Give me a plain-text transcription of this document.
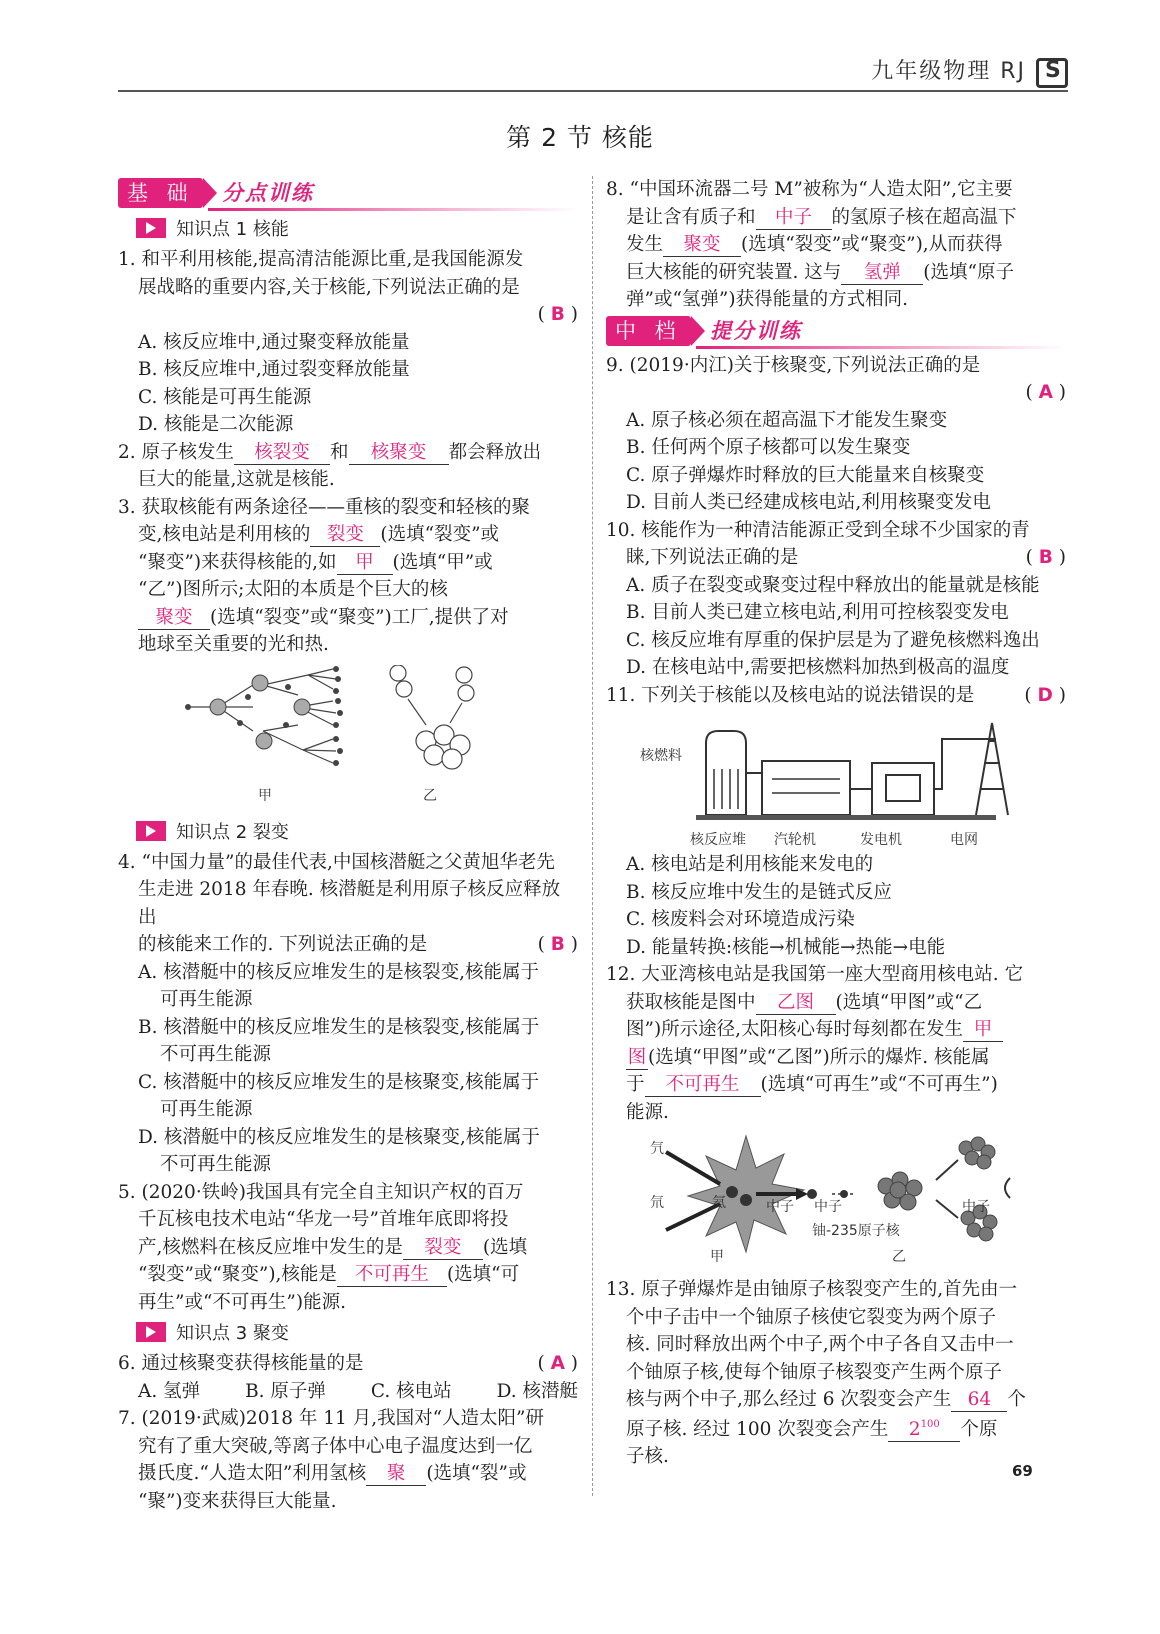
九年级物理 RJ
S
第 2 节 核能
基 础	分点训练
知识点 1 核能

1. 和平利用核能,提高清洁能源比重,是我国能源发

展战略的重要内容,关于核能,下列说法正确的是

( B )

A. 核反应堆中,通过聚变释放能量

B. 核反应堆中,通过裂变释放能量

C. 核能是可再生能源

D. 核能是二次能源

2. 原子核发生 核裂变 和 核聚变 都会释放出

巨大的能量,这就是核能.

3. 获取核能有两条途径——重核的裂变和轻核的聚

变,核电站是利用核的 裂变 (选填“裂变”或

“聚变”)来获得核能的,如 甲 (选填“甲”或

“乙”)图所示;太阳的本质是个巨大的核

聚变 (选填“裂变”或“聚变”)工厂,提供了对

地球至关重要的光和热.

甲	乙
知识点 2 裂变

4. “中国力量”的最佳代表,中国核潜艇之父黄旭华老先

生走进 2018 年春晚. 核潜艇是利用原子核反应释放出

的核能来工作的. 下列说法正确的是	( B )

A. 核潜艇中的核反应堆发生的是核裂变,核能属于

可再生能源

B. 核潜艇中的核反应堆发生的是核裂变,核能属于

不可再生能源

C. 核潜艇中的核反应堆发生的是核聚变,核能属于

可再生能源

D. 核潜艇中的核反应堆发生的是核聚变,核能属于

不可再生能源

5. (2020·铁岭)我国具有完全自主知识产权的百万

千瓦核电技术电站“华龙一号”首堆年底即将投

产,核燃料在核反应堆中发生的是 裂变 (选填

“裂变”或“聚变”),核能是 不可再生 (选填“可

再生”或“不可再生”)能源.

知识点 3 聚变

6. 通过核聚变获得核能量的是	( A )

A. 氢弹 B. 原子弹 C. 核电站 D. 核潜艇

7. (2019·武威)2018 年 11 月,我国对“人造太阳”研

究有了重大突破,等离子体中心电子温度达到一亿

摄氏度.“人造太阳”利用氢核 聚 (选填“裂”或

“聚”)变来获得巨大能量.

8. “中国环流器二号 M”被称为“人造太阳”,它主要

是让含有质子和 中子 的氢原子核在超高温下

发生 聚变 (选填“裂变”或“聚变”),从而获得

巨大核能的研究装置. 这与 氢弹 (选填“原子

弹”或“氢弹”)获得能量的方式相同.

中 档	提分训练

9. (2019·内江)关于核聚变,下列说法正确的是

( A )

A. 原子核必须在超高温下才能发生聚变

B. 任何两个原子核都可以发生聚变

C. 原子弹爆炸时释放的巨大能量来自核聚变

D. 目前人类已经建成核电站,利用核聚变发电

10. 核能作为一种清洁能源正受到全球不少国家的青

睐,下列说法正确的是	( B )

A. 质子在裂变或聚变过程中释放出的能量就是核能

B. 目前人类已建立核电站,利用可控核裂变发电

C. 核反应堆有厚重的保护层是为了避免核燃料逸出

D. 在核电站中,需要把核燃料加热到极高的温度

11. 下列关于核能以及核电站的说法错误的是	( D )

核燃料
核反应堆 汽轮机	发电机	电网

A. 核电站是利用核能来发电的

B. 核反应堆中发生的是链式反应

C. 核废料会对环境造成污染

D. 能量转换:核能→机械能→热能→电能

12. 大亚湾核电站是我国第一座大型商用核电站. 它

获取核能是图中 乙图 (选填“甲图”或“乙

图”)所示途径,太阳核心每时每刻都在发生 甲

图(选填“甲图”或“乙图”)所示的爆炸. 核能属

于 不可再生 (选填“可再生”或“不可再生”)

能源.

氕
氘	氦	中子 中子	中子
铀-235原子核
甲	乙

13. 原子弹爆炸是由铀原子核裂变产生的,首先由一

个中子击中一个铀原子核使它裂变为两个原子

核. 同时释放出两个中子,两个中子各自又击中一

个铀原子核,使每个铀原子核裂变产生两个原子

核与两个中子,那么经过 6 次裂变会产生 64 个

原子核. 经过 100 次裂变会产生 $2^{100}$ 个原

子核.

69
